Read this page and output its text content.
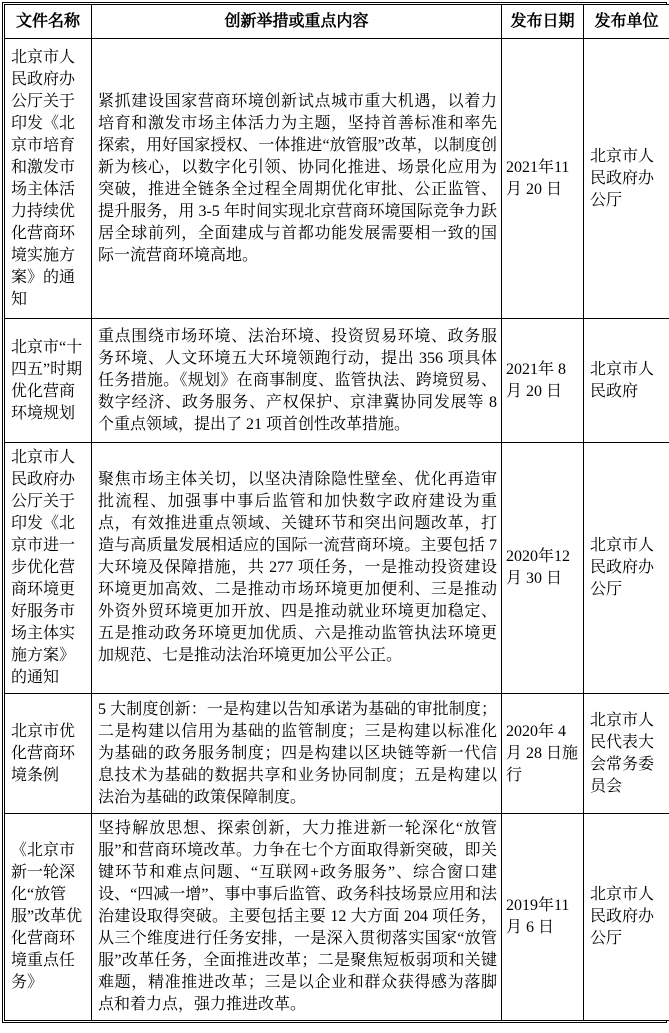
文件名称	创新举措或重点内容	发布日期	发布单位
北京市人民政府办公厅关于印发《北京市培育和激发市场主体活力持续优化营商环境实施方案》的通知	紧抓建设国家营商环境创新试点城市重大机遇，以着力培育和激发市场主体活力为主题，坚持首善标准和率先探索，用好国家授权、一体推进“放管服”改革，以制度创新为核心，以数字化引领、协同化推进、场景化应用为突破，推进全链条全过程全周期优化审批、公正监管、提升服务，用 3-5 年时间实现北京营商环境国际竞争力跃居全球前列，全面建成与首都功能发展需要相一致的国际一流营商环境高地。	2021年11月 20 日	北京市人民政府办公厅
北京市“十四五”时期优化营商环境规划	重点围绕市场环境、法治环境、投资贸易环境、政务服务环境、人文环境五大环境领跑行动，提出 356 项具体任务措施。《规划》在商事制度、监管执法、跨境贸易、数字经济、政务服务、产权保护、京津冀协同发展等 8 个重点领域，提出了 21 项首创性改革措施。	2021年 8 月 20 日	北京市人民政府
北京市人民政府办公厅关于印发《北京市进一步优化营商环境更好服务市场主体实施方案》的通知	聚焦市场主体关切，以坚决清除隐性壁垒、优化再造审批流程、加强事中事后监管和加快数字政府建设为重点，有效推进重点领域、关键环节和突出问题改革，打造与高质量发展相适应的国际一流营商环境。主要包括 7 大环境及保障措施，共 277 项任务，一是推动投资建设环境更加高效、二是推动市场环境更加便利、三是推动外资外贸环境更加开放、四是推动就业环境更加稳定、五是推动政务环境更加优质、六是推动监管执法环境更加规范、七是推动法治环境更加公平公正。	2020年12月 30 日	北京市人民政府办公厅
北京市优化营商环境条例	5 大制度创新：一是构建以告知承诺为基础的审批制度；二是构建以信用为基础的监管制度；三是构建以标准化为基础的政务服务制度；四是构建以区块链等新一代信息技术为基础的数据共享和业务协同制度；五是构建以法治为基础的政策保障制度。	2020年 4 月 28 日施行	北京市人民代表大会常务委员会
《北京市新一轮深化“放管服”改革优化营商环境重点任务》	坚持解放思想、探索创新，大力推进新一轮深化“放管服”和营商环境改革。力争在七个方面取得新突破，即关键环节和难点问题、“互联网+政务服务”、综合窗口建设、“四减一增”、事中事后监管、政务科技场景应用和法治建设取得突破。主要包括主要 12 大方面 204 项任务，从三个维度进行任务安排，一是深入贯彻落实国家“放管服”改革任务，全面推进改革；二是聚焦短板弱项和关键难题，精准推进改革；三是以企业和群众获得感为落脚点和着力点，强力推进改革。	2019年11月 6 日	北京市人民政府办公厅
